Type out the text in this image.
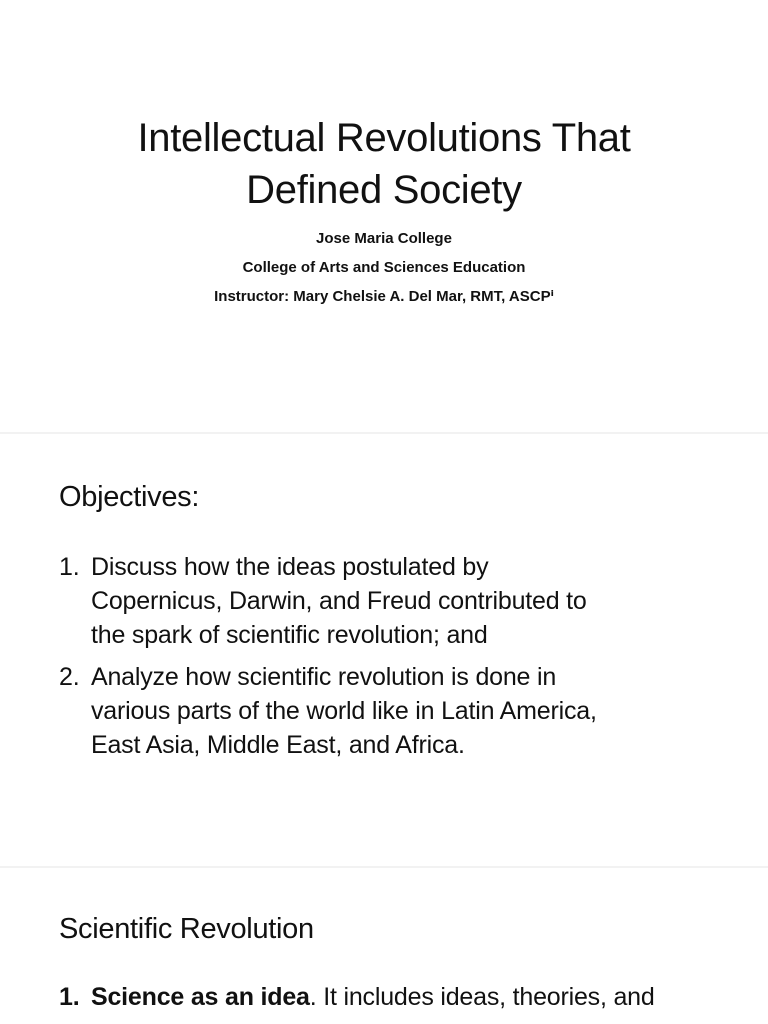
Intellectual Revolutions That
Defined Society

Jose Maria College

College of Arts and Sciences Education

Instructor: Mary Chelsie A. Del Mar, RMT, ASCPⁱ

Objectives:
1. Discuss how the ideas postulated by
Copernicus, Darwin, and Freud contributed to
the spark of scientific revolution; and
2. Analyze how scientific revolution is done in
various parts of the world like in Latin America,
East Asia, Middle East, and Africa.
Scientific Revolution
1. Science as an idea. It includes ideas, theories, and
